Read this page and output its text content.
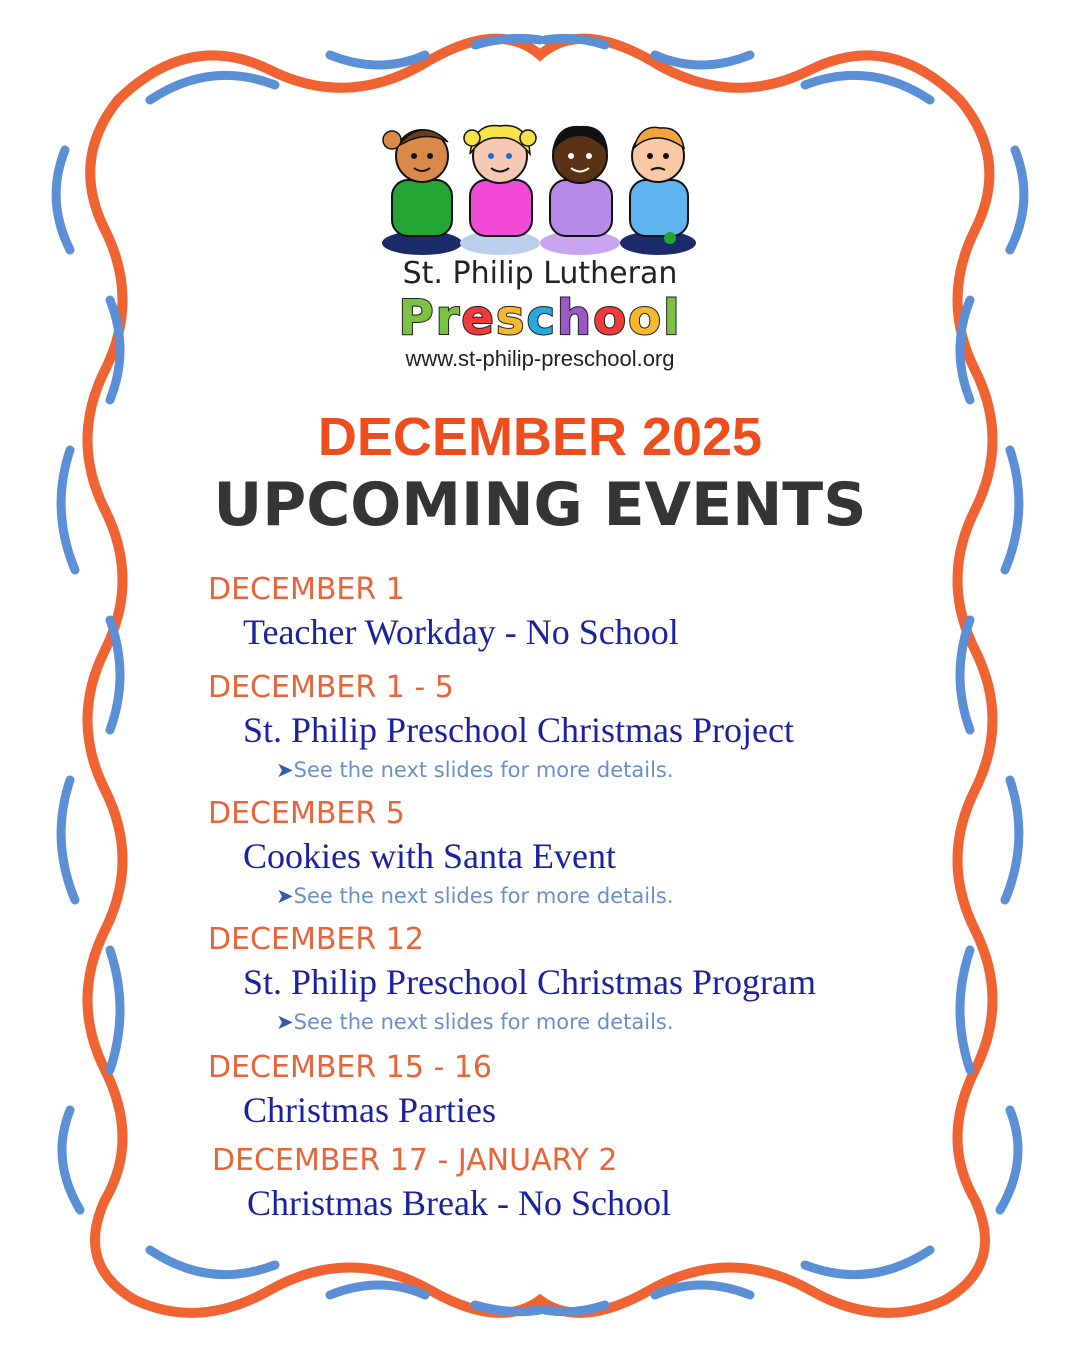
St. Philip Lutheran

Preschool

www.st-philip-preschool.org

DECEMBER 2025
UPCOMING EVENTS
DECEMBER 1
Teacher Workday - No School
DECEMBER 1 - 5
St. Philip Preschool Christmas Project
➤See the next slides for more details.
DECEMBER 5
Cookies with Santa Event
➤See the next slides for more details.
DECEMBER 12
St. Philip Preschool Christmas Program
➤See the next slides for more details.
DECEMBER 15 - 16
Christmas Parties
DECEMBER 17 - JANUARY 2
Christmas Break - No School
